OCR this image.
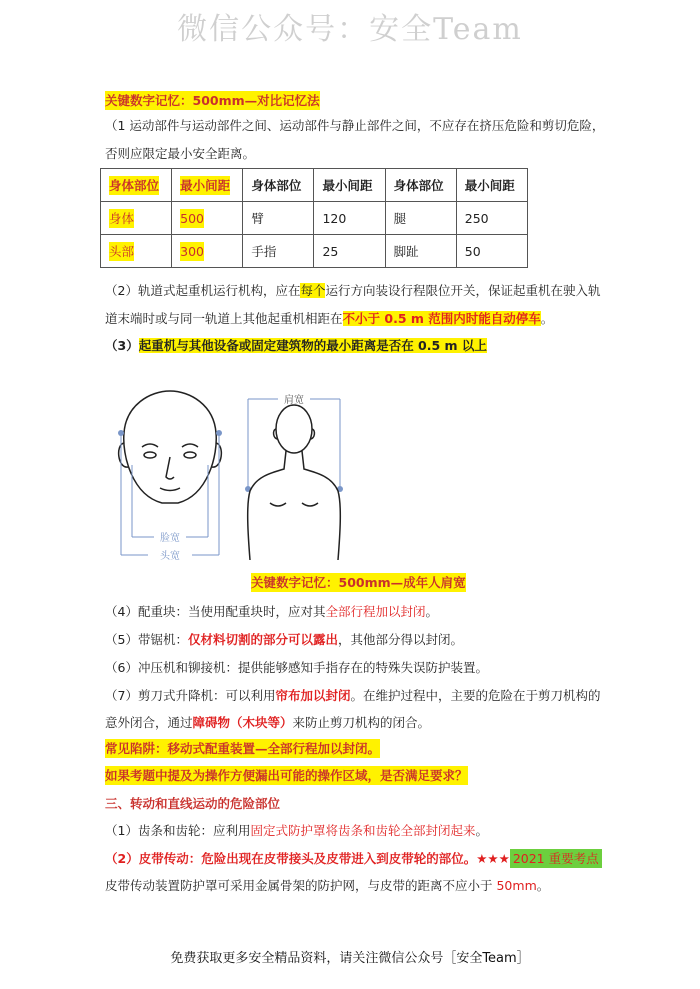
微信公众号：安全Team
关键数字记忆：500mm—对比记忆法
（1 运动部件与运动部件之间、运动部件与静止部件之间，不应存在挤压危险和剪切危险，
否则应限定最小安全距离。
身体部位	最小间距	身体部位	最小间距	身体部位	最小间距
身体	500	臂	120	腿	250
头部	300	手指	25	脚趾	50
（2）轨道式起重机运行机构，应在每个运行方向装设行程限位开关，保证起重机在驶入轨
道末端时或与同一轨道上其他起重机相距在不小于 0.5 m 范围内时能自动停车。
（3）起重机与其他设备或固定建筑物的最小距离是否在 0.5 m 以上
脸宽
头宽
肩宽
关键数字记忆：500mm—成年人肩宽
（4）配重块：当使用配重块时，应对其全部行程加以封闭。
（5）带锯机：仅材料切割的部分可以露出，其他部分得以封闭。
（6）冲压机和铆接机：提供能够感知手指存在的特殊失误防护装置。
（7）剪刀式升降机：可以利用帘布加以封闭。在维护过程中，主要的危险在于剪刀机构的
意外闭合，通过障碍物（木块等）来防止剪刀机构的闭合。
常见陷阱：移动式配重装置—全部行程加以封闭。
如果考题中提及为操作方便漏出可能的操作区域，是否满足要求？
三、转动和直线运动的危险部位
（1）齿条和齿轮：应利用固定式防护罩将齿条和齿轮全部封闭起来。
（2）皮带传动：危险出现在皮带接头及皮带进入到皮带轮的部位。★★★ 2021 重要考点
皮带传动装置防护罩可采用金属骨架的防护网，与皮带的距离不应小于 50mm。
免费获取更多安全精品资料，请关注微信公众号［安全Team］
